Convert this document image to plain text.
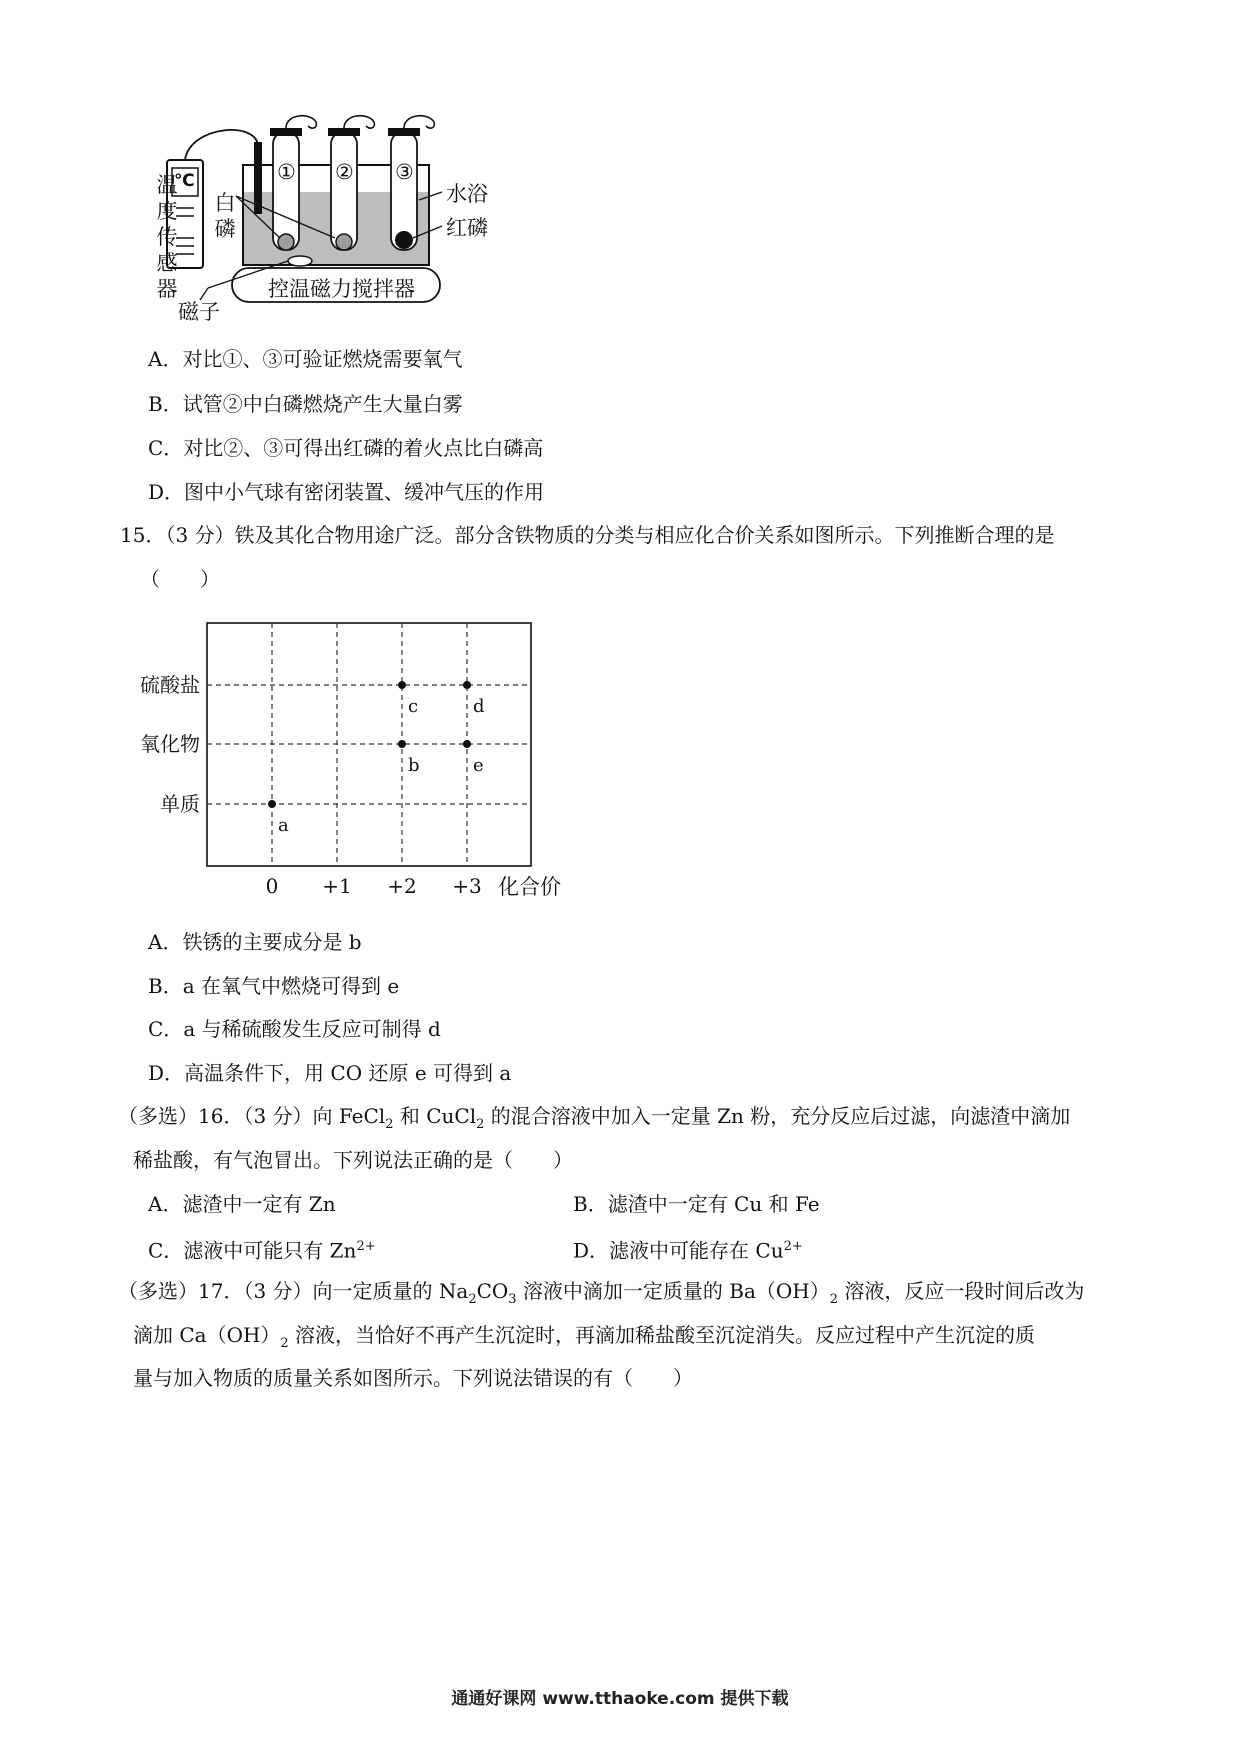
温度传感器
℃
白磷
磁子
控温磁力搅拌器
水浴
红磷
① ② ③
A．对比①、③可验证燃烧需要氧气
B．试管②中白磷燃烧产生大量白雾
C．对比②、③可得出红磷的着火点比白磷高
D．图中小气球有密闭装置、缓冲气压的作用
15．（3 分）铁及其化合物用途广泛。部分含铁物质的分类与相应化合价关系如图所示。下列推断合理的是
（　　）
0 +1 +2 +3
单质
氧化物
硫酸盐
化合价
a
b
c	d
e
A．铁锈的主要成分是 b
B．a 在氧气中燃烧可得到 e
C．a 与稀硫酸发生反应可制得 d
D．高温条件下，用 CO 还原 e 可得到 a
（多选）16．（3 分）向 FeCl$_2$ 和 CuCl$_2$ 的混合溶液中加入一定量 Zn 粉，充分反应后过滤，向滤渣中滴加
稀盐酸，有气泡冒出。下列说法正确的是（　　）
A．滤渣中一定有 Zn	B．滤渣中一定有 Cu 和 Fe
C．滤液中可能只有 $Zn^{2+}$	D．滤液中可能存在 $Cu^{2+}$
（多选）17．（3 分）向一定质量的 $Na_2CO_3$ 溶液中滴加一定质量的 $Ba(OH)_2$ 溶液，反应一段时间后改为
滴加 $Ca(OH)_2$ 溶液，当恰好不再产生沉淀时，再滴加稀盐酸至沉淀消失。反应过程中产生沉淀的质
量与加入物质的质量关系如图所示。下列说法错误的有（　　）
通通好课网 www.tthaoke.com 提供下载
